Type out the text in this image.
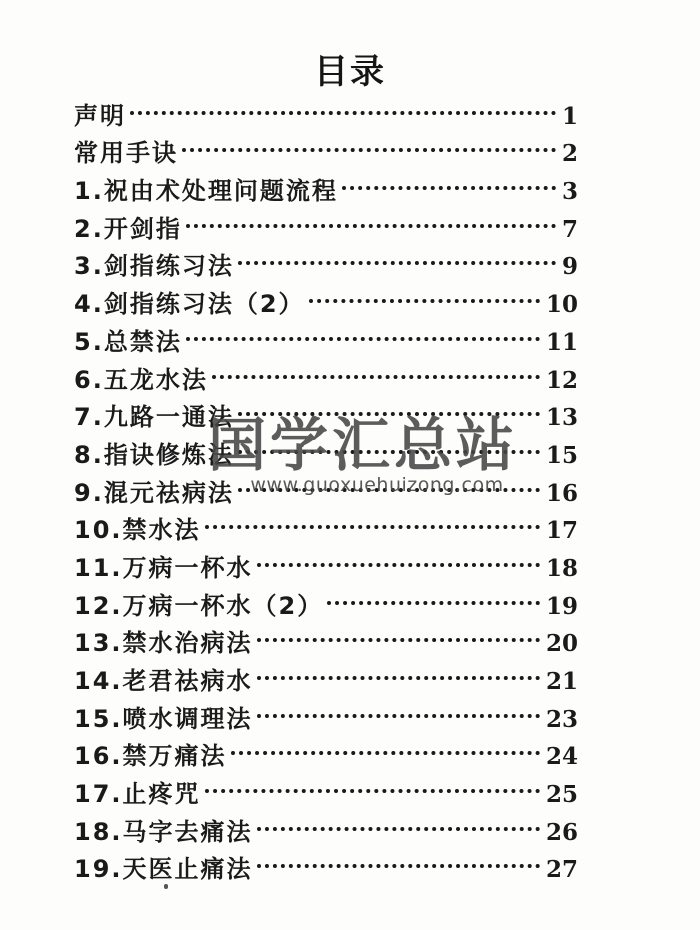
目录
声明	1
常用手诀	2
1.祝由术处理问题流程	3
2.开剑指	7
3.剑指练习法	9
4.剑指练习法（2）	10
5.总禁法	11
6.五龙水法	12
7.九路一通法	13
8.指诀修炼法	15
9.混元祛病法	16
10.禁水法	17
11.万病一杯水	18
12.万病一杯水（2）	19
13.禁水治病法	20
14.老君祛病水	21
15.喷水调理法	23
16.禁万痛法	24
17.止疼咒	25
18.马字去痛法	26
19.天医止痛法	27
国学汇总站
www.guoxuehuizong.com
